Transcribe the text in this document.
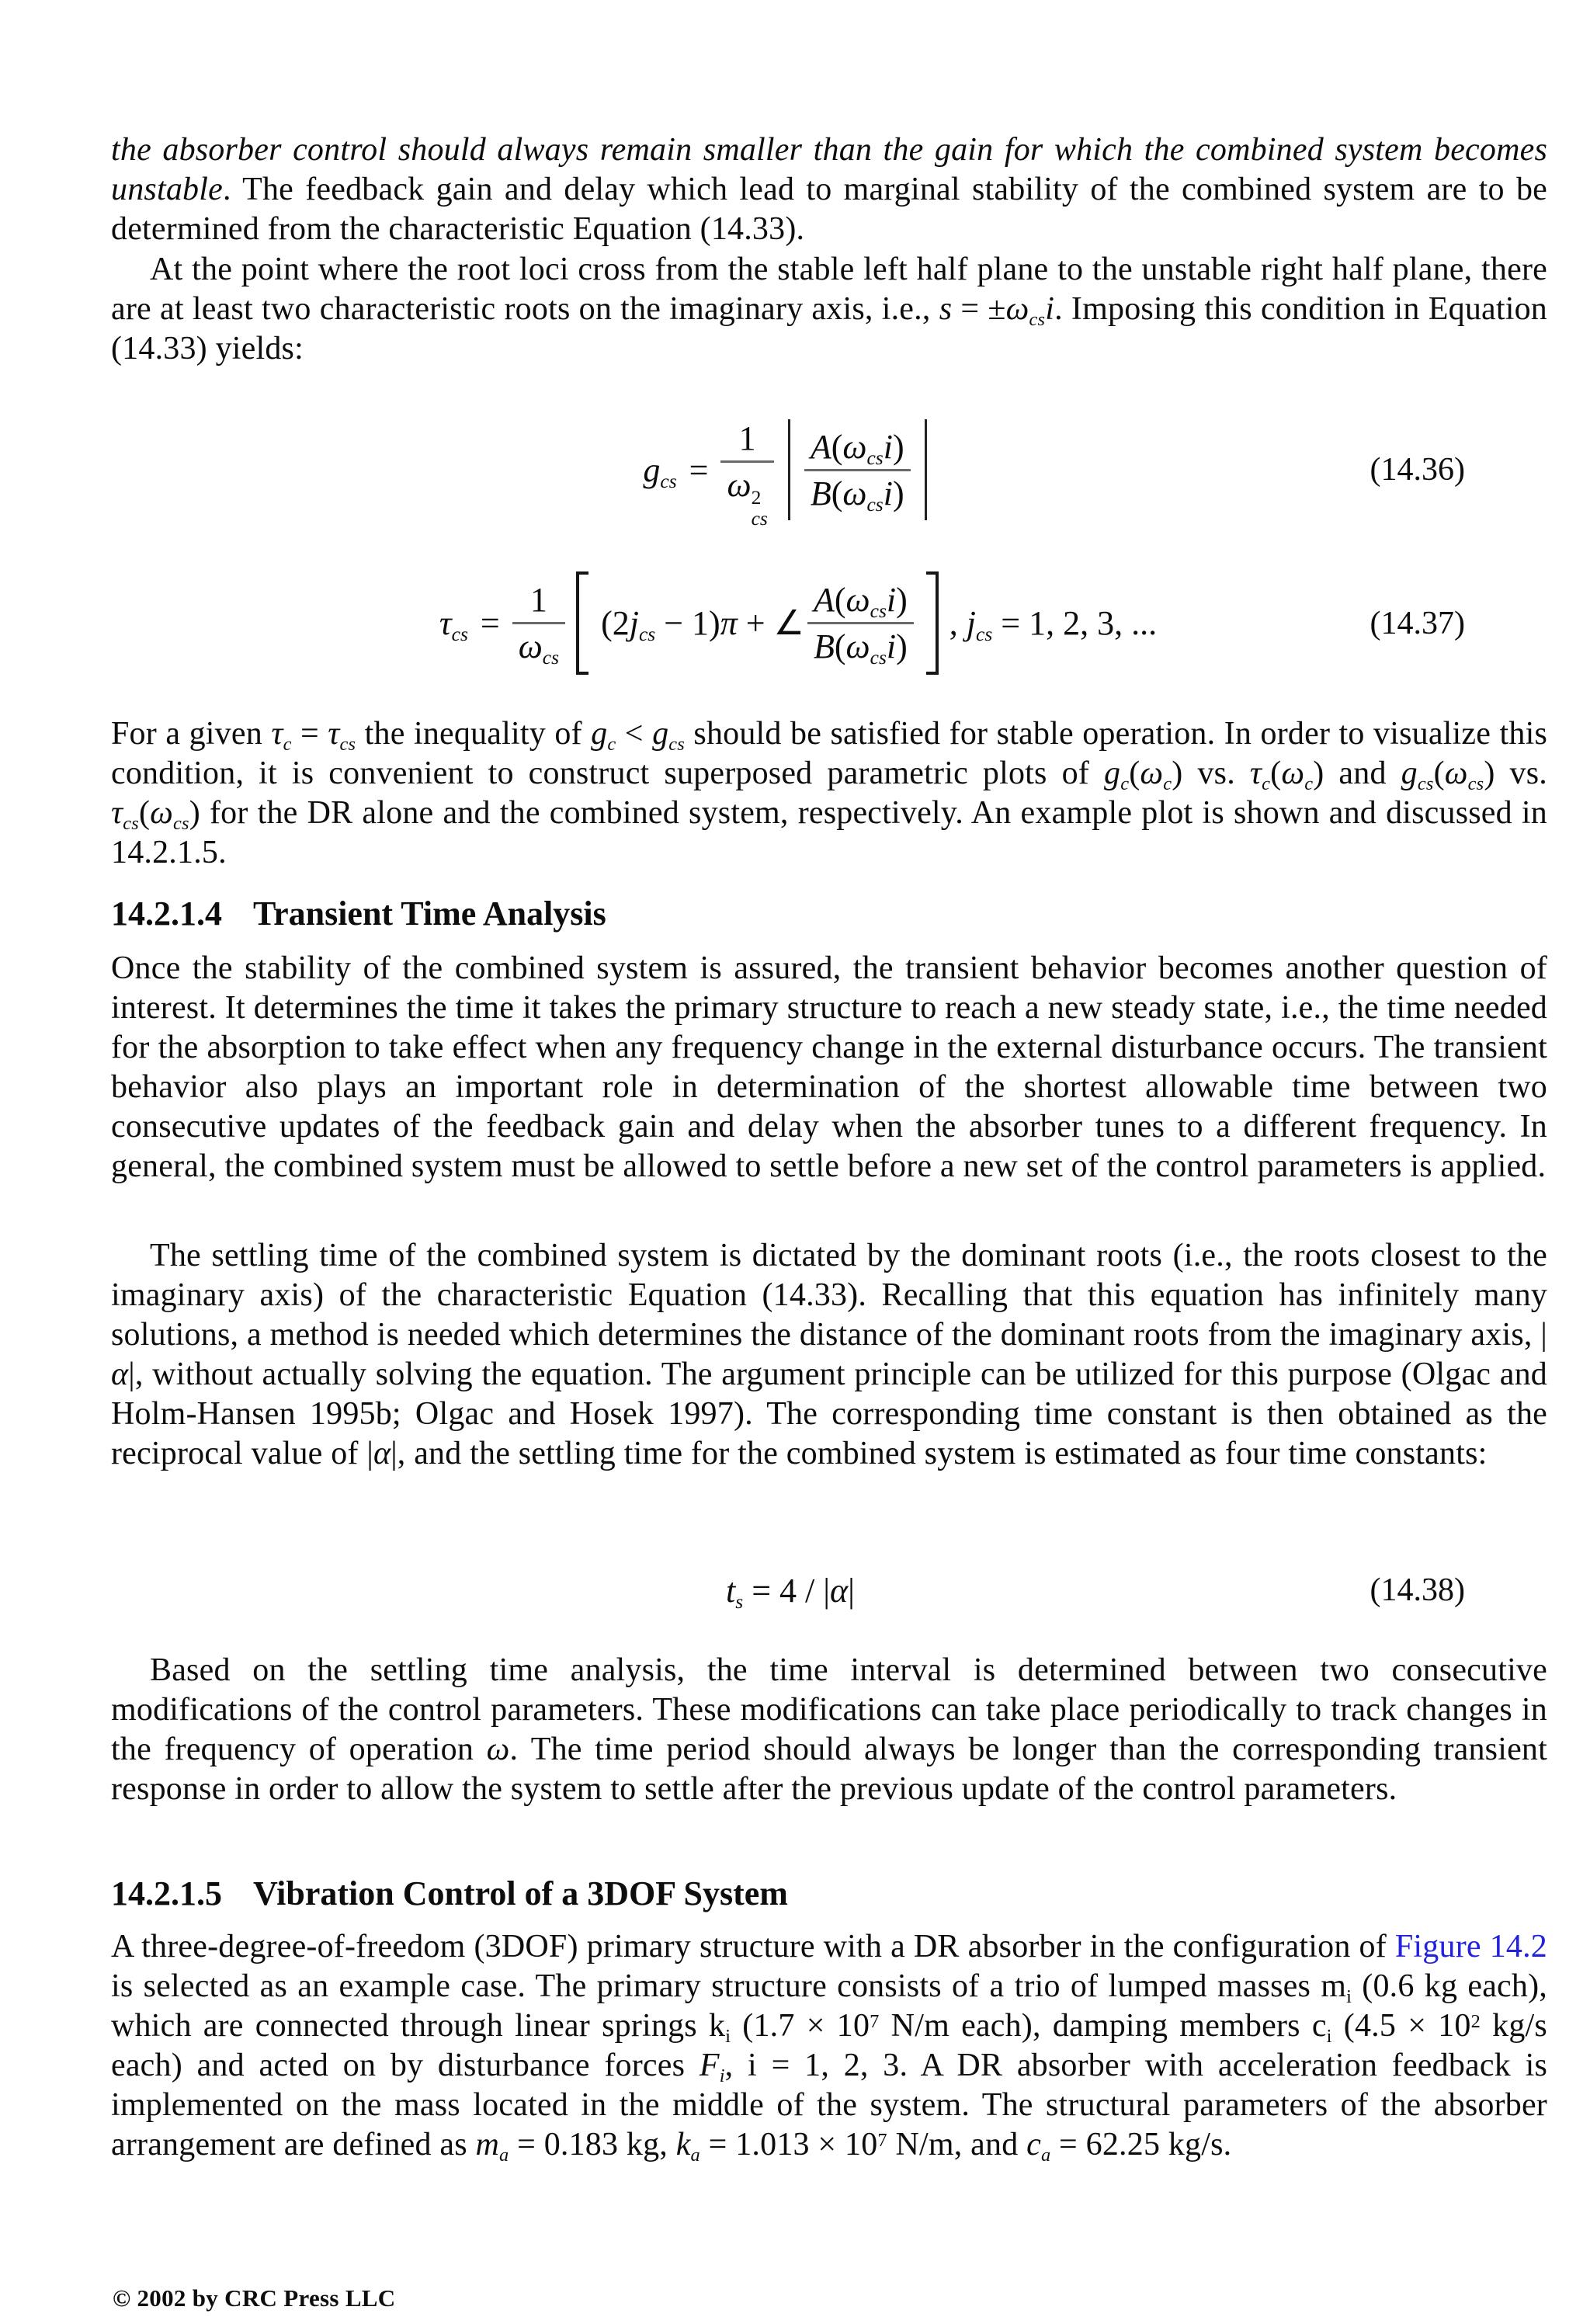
the absorber control should always remain smaller than the gain for which the combined system becomes unstable. The feedback gain and delay which lead to marginal stability of the combined system are to be determined from the characteristic Equation (14.33).

At the point where the root loci cross from the stable left half plane to the unstable right half plane, there are at least two characteristic roots on the imaginary axis, i.e., $s = \pm\omega_{cs}i$. Imposing this condition in Equation (14.33) yields:

$g_{cs} = 1$
ω 2
cs $\frac{A(\omega_{cs}i)}{B(\omega_{cs}i)}$	(14.36)
$\tau_{cs} = \frac{1}{\omega_{cs}} (2j_{cs} - 1)\pi$ + ∠ $\frac{A(\omega_{cs}i)}{B(\omega_{cs}i)}$ , $j_{cs} = 1$, 2, 3, ...	(14.37)

For a given $\tau_c = \tau_{cs}$ the inequality of $g_c < g_{cs}$ should be satisfied for stable operation. In order to visualize this condition, it is convenient to construct superposed parametric plots of $g_c(\omega_c)$ vs. $\tau_c(\omega_c)$ and $g_{cs}(\omega_{cs})$ vs. $\tau_{cs}(\omega_{cs})$ for the DR alone and the combined system, respectively. An example plot is shown and discussed in 14.2.1.5.

14.2.1.4 Transient Time Analysis

Once the stability of the combined system is assured, the transient behavior becomes another question of interest. It determines the time it takes the primary structure to reach a new steady state, i.e., the time needed for the absorption to take effect when any frequency change in the external disturbance occurs. The transient behavior also plays an important role in determination of the shortest allowable time between two consecutive updates of the feedback gain and delay when the absorber tunes to a different frequency. In general, the combined system must be allowed to settle before a new set of the control parameters is applied.

The settling time of the combined system is dictated by the dominant roots (i.e., the roots closest to the imaginary axis) of the characteristic Equation (14.33). Recalling that this equation has infinitely many solutions, a method is needed which determines the distance of the dominant roots from the imaginary axis, |α|, without actually solving the equation. The argument principle can be utilized for this purpose (Olgac and Holm-Hansen 1995b; Olgac and Hosek 1997). The corresponding time constant is then obtained as the reciprocal value of |α|, and the settling time for the combined system is estimated as four time constants:

$t_s = 4 / |\alpha|$	(14.38)

Based on the settling time analysis, the time interval is determined between two consecutive modifications of the control parameters. These modifications can take place periodically to track changes in the frequency of operation ω. The time period should always be longer than the corresponding transient response in order to allow the system to settle after the previous update of the control parameters.

14.2.1.5 Vibration Control of a 3DOF System

A three-degree-of-freedom (3DOF) primary structure with a DR absorber in the configuration of Figure 14.2 is selected as an example case. The primary structure consists of a trio of lumped masses $m_i$ (0.6 kg each), which are connected through linear springs $k_i$ ($1.7 \times 10^7$ N/m each), damping members $c_i$ ($4.5 \times 10^2$ kg/s each) and acted on by disturbance forces $F_i$, i = 1, 2, 3. A DR absorber with acceleration feedback is implemented on the mass located in the middle of the system. The structural parameters of the absorber arrangement are defined as $m_a = 0.183$ kg, $k_a = 1.013 \times 10^7$ N/m, and $c_a = 62.25$ kg/s.

© 2002 by CRC Press LLC
